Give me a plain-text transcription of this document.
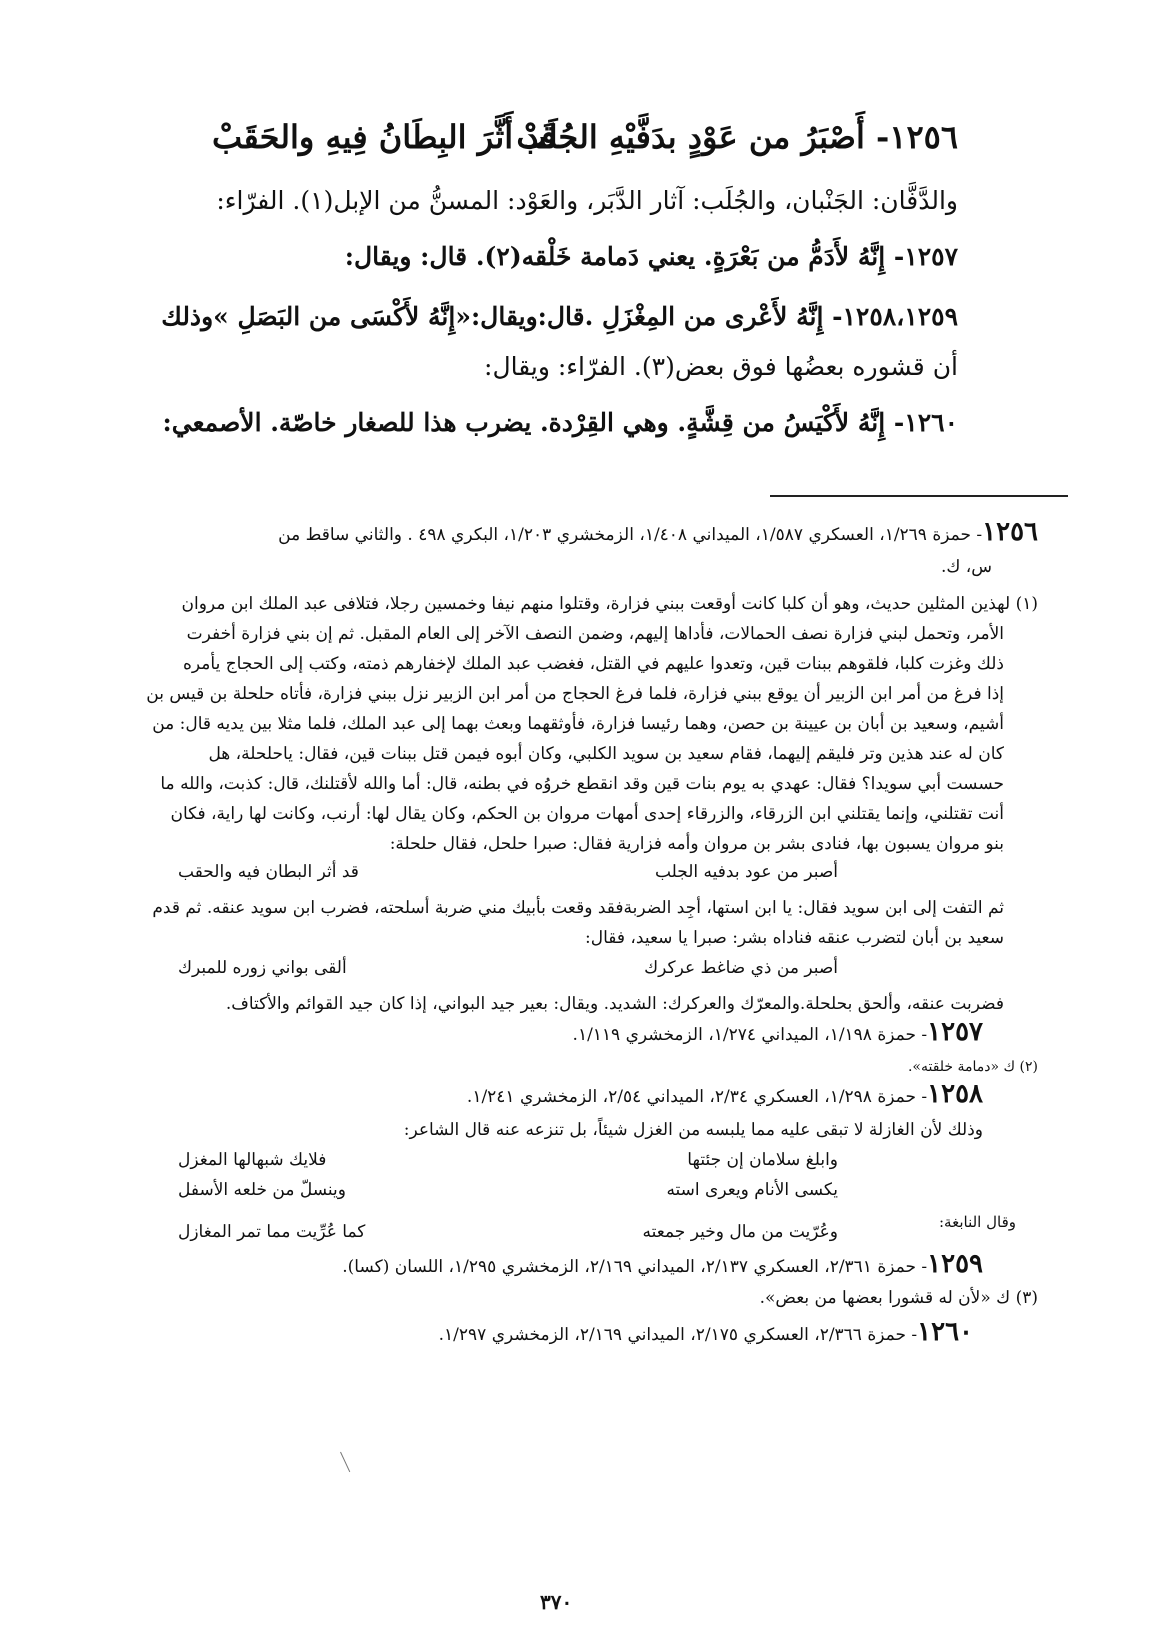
١٢٥٦- أَصْبَرُ من عَوْدٍ بدَفَّيْهِ الجُلَبْ
قَدْ أَثَّرَ البِطَانُ فِيهِ والحَقَبْ
والدَّفَّان: الجَنْبان، والجُلَب: آثار الدَّبَر، والعَوْد: المسنُّ من الإبل(١). الفرّاء:
١٢٥٧- إِنَّهُ لأَدَمُّ من بَعْرَةٍ. يعني دَمامة خَلْقه(٢). قال: ويقال:
١٢٥٨،١٢٥٩- إِنَّهُ لأَعْرى من المِغْزَلِ .قال:ويقال:«إِنَّهُ لأَكْسَى من البَصَلِ »وذلك
أن قشوره بعضُها فوق بعض(٣). الفرّاء: ويقال:
١٢٦٠- إِنَّهُ لأَكْيَسُ من قِشَّةٍ. وهي القِرْدة. يضرب هذا للصغار خاصّة. الأصمعي:
١٢٥٦- حمزة ١/٢٦٩، العسكري ١/٥٨٧، الميداني ١/٤٠٨، الزمخشري ١/٢٠٣، البكري ٤٩٨ . والثاني ساقط من
س، ك.
(١) لهذين المثلين حديث، وهو أن كلبا كانت أوقعت ببني فزارة، وقتلوا منهم نيفا وخمسين رجلا، فتلافى عبد الملك ابن مروان
الأمر، وتحمل لبني فزارة نصف الحمالات، فأداها إليهم، وضمن النصف الآخر إلى العام المقبل. ثم إن بني فزارة أخفرت
ذلك وغزت كلبا، فلقوهم ببنات قين، وتعدوا عليهم في القتل، فغضب عبد الملك لإخفارهم ذمته، وكتب إلى الحجاج يأمره
إذا فرغ من أمر ابن الزبير أن يوقع ببني فزارة، فلما فرغ الحجاج من أمر ابن الزبير نزل ببني فزارة، فأتاه حلحلة بن قيس بن
أشيم، وسعيد بن أبان بن عيينة بن حصن، وهما رئيسا فزارة، فأوثقهما وبعث بهما إلى عبد الملك، فلما مثلا بين يديه قال: من
كان له عند هذين وتر فليقم إليهما، فقام سعيد بن سويد الكلبي، وكان أبوه فيمن قتل ببنات قين، فقال: ياحلحلة، هل
حسست أبي سويدا؟ فقال: عهدي به يوم بنات قين وقد انقطع خروُه في بطنه، قال: أما والله لأقتلنك، قال: كذبت، والله ما
أنت تقتلني، وإنما يقتلني ابن الزرقاء، والزرقاء إحدى أمهات مروان بن الحكم، وكان يقال لها: أرنب، وكانت لها راية، فكان
بنو مروان يسبون بها، فنادى بشر بن مروان وأمه فزارية فقال: صبرا حلحل، فقال حلحلة:
أصبر من عود بدفيه الجلب
قد أثر البطان فيه والحقب
ثم التفت إلى ابن سويد فقال: يا ابن استها، أجِد الضربةفقد وقعت بأبيك مني ضربة أسلحته، فضرب ابن سويد عنقه. ثم قدم
سعيد بن أبان لتضرب عنقه فناداه بشر: صبرا يا سعيد، فقال:
أصبر من ذي ضاغط عركرك
ألقى بواني زوره للمبرك
فضربت عنقه، وألحق بحلحلة.والمعرّك والعركرك: الشديد. ويقال: بعير جيد البواني، إذا كان جيد القوائم والأكتاف.
١٢٥٧- حمزة ١/١٩٨، الميداني ١/٢٧٤، الزمخشري ١/١١٩.
(٢) ك «دمامة خلقته».
١٢٥٨- حمزة ١/٢٩٨، العسكري ٢/٣٤، الميداني ٢/٥٤، الزمخشري ١/٢٤١.
وذلك لأن الغازلة لا تبقى عليه مما يلبسه من الغزل شيئاً، بل تنزعه عنه قال الشاعر:
وابلغ سلامان إن جئتها
فلايك شبهالها المغزل
يكسى الأنام ويعرى استه
وينسلّ من خلعه الأسفل
وقال النابغة:
وعُرّيت من مال وخير جمعته
كما عُرِّيت مما تمر المغازل
١٢٥٩- حمزة ٢/٣٦١، العسكري ٢/١٣٧، الميداني ٢/١٦٩، الزمخشري ١/٢٩٥، اللسان (كسا).
(٣) ك «لأن له قشورا بعضها من بعض».
١٢٦٠- حمزة ٢/٣٦٦، العسكري ٢/١٧٥، الميداني ٢/١٦٩، الزمخشري ١/٢٩٧.
٣٧٠
